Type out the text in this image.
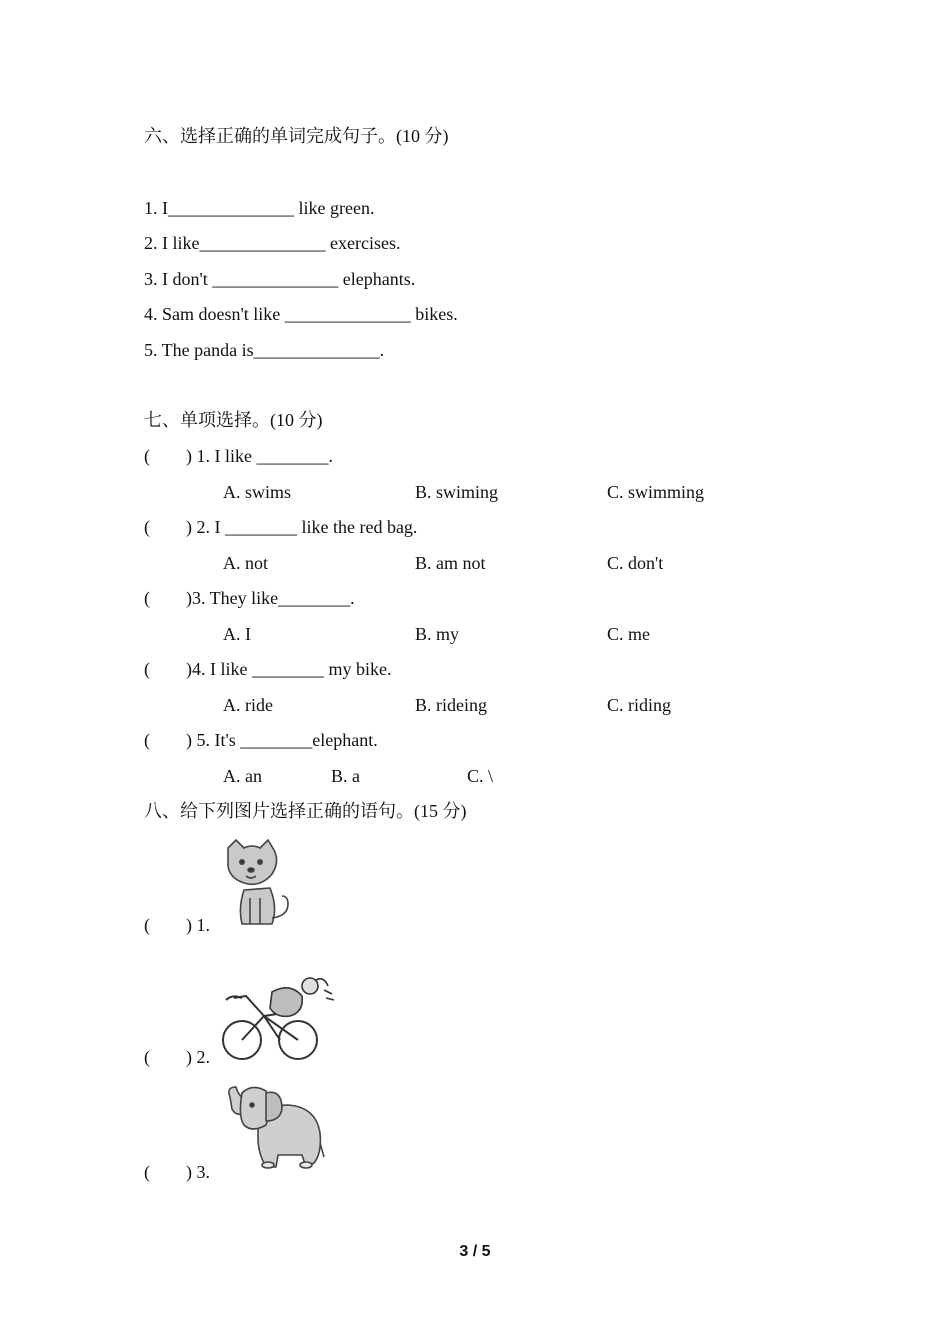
六、选择正确的单词完成句子。(10 分)
1. I______________ like green.
2. I like______________ exercises.
3. I don't ______________ elephants.
4. Sam doesn't like ______________ bikes.
5. The panda is______________.
七、单项选择。(10 分)
(        ) 1. I like ________.
A. swims	B. swiming	C. swimming
(        ) 2. I ________ like the red bag.
A. not	B. am not	C. don't
(        )3. They like________.
A. I	B. my	C. me
(        )4. I like ________ my bike.
A. ride	B. rideing	C. riding
(        ) 5. It's ________elephant.
A. an	B. a	C. \
八、给下列图片选择正确的语句。(15 分)
(        ) 1.
(        ) 2.
(        ) 3.
3 / 5
